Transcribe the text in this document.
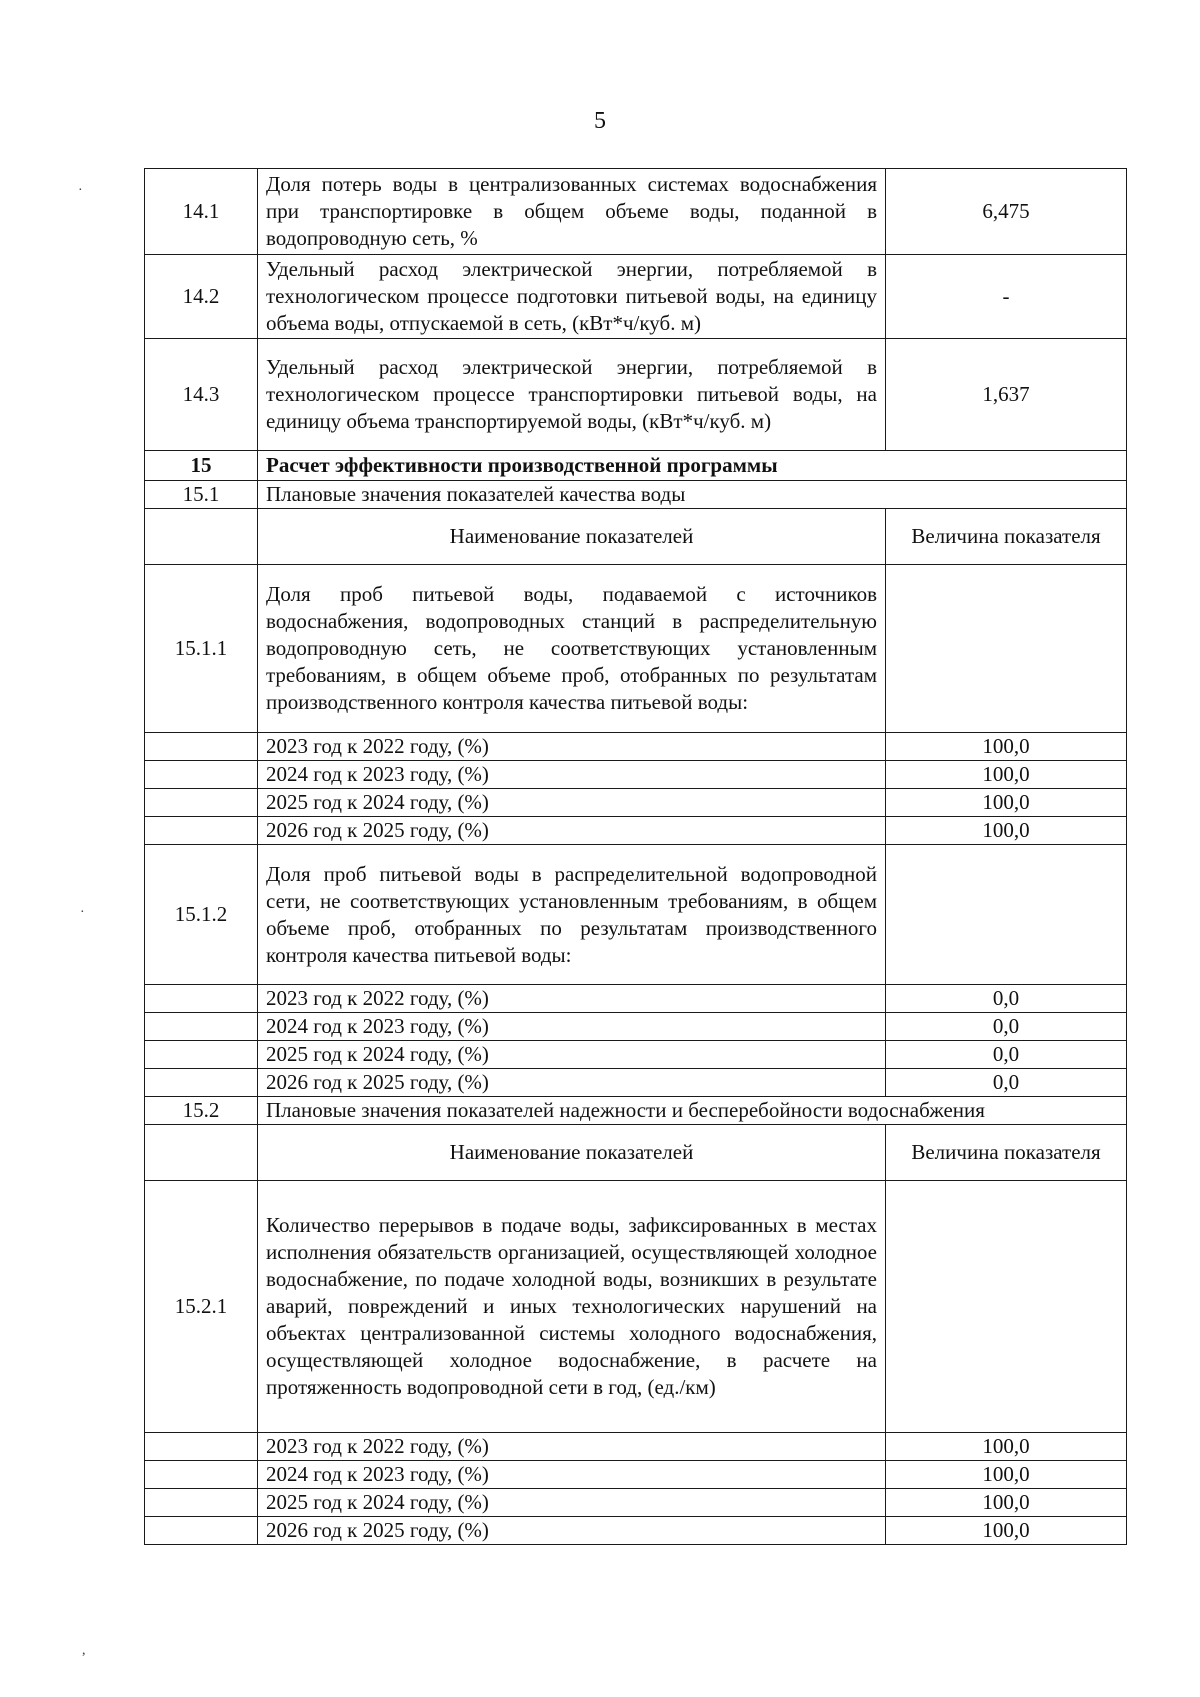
5
·
·
,
14.1	Доля потерь воды в централизованных системах водоснабжения при транспортировке в общем объеме воды, поданной в водопроводную сеть, %	6,475
14.2	Удельный расход электрической энергии, потребляемой в технологическом процессе подготовки питьевой воды, на единицу объема воды, отпускаемой в сеть, (кВт*ч/куб. м)	-
14.3	Удельный расход электрической энергии, потребляемой в технологическом процессе транспортировки питьевой воды, на единицу объема транспортируемой воды, (кВт*ч/куб. м)	1,637
15	Расчет эффективности производственной программы	
15.1	Плановые значения показателей качества воды	
	Наименование показателей	Величина показателя
15.1.1	Доля проб питьевой воды, подаваемой с источников водоснабжения, водопроводных станций в распределительную водопроводную сеть, не соответствующих установленным требованиям, в общем объеме проб, отобранных по результатам производственного контроля качества питьевой воды:	
	2023 год к 2022 году, (%)	100,0
	2024 год к 2023 году, (%)	100,0
	2025 год к 2024 году, (%)	100,0
	2026 год к 2025 году, (%)	100,0
15.1.2	Доля проб питьевой воды в распределительной водопроводной сети, не соответствующих установленным требованиям, в общем объеме проб, отобранных по результатам производственного контроля качества питьевой воды:	
	2023 год к 2022 году, (%)	0,0
	2024 год к 2023 году, (%)	0,0
	2025 год к 2024 году, (%)	0,0
	2026 год к 2025 году, (%)	0,0
15.2	Плановые значения показателей надежности и бесперебойности водоснабжения	
	Наименование показателей	Величина показателя
15.2.1	Количество перерывов в подаче воды, зафиксированных в местах исполнения обязательств организацией, осуществляющей холодное водоснабжение, по подаче холодной воды, возникших в результате аварий, повреждений и иных технологических нарушений на объектах централизованной системы холодного водоснабжения, осуществляющей холодное водоснабжение, в расчете на протяженность водопроводной сети в год, (ед./км)	
	2023 год к 2022 году, (%)	100,0
	2024 год к 2023 году, (%)	100,0
	2025 год к 2024 году, (%)	100,0
	2026 год к 2025 году, (%)	100,0
